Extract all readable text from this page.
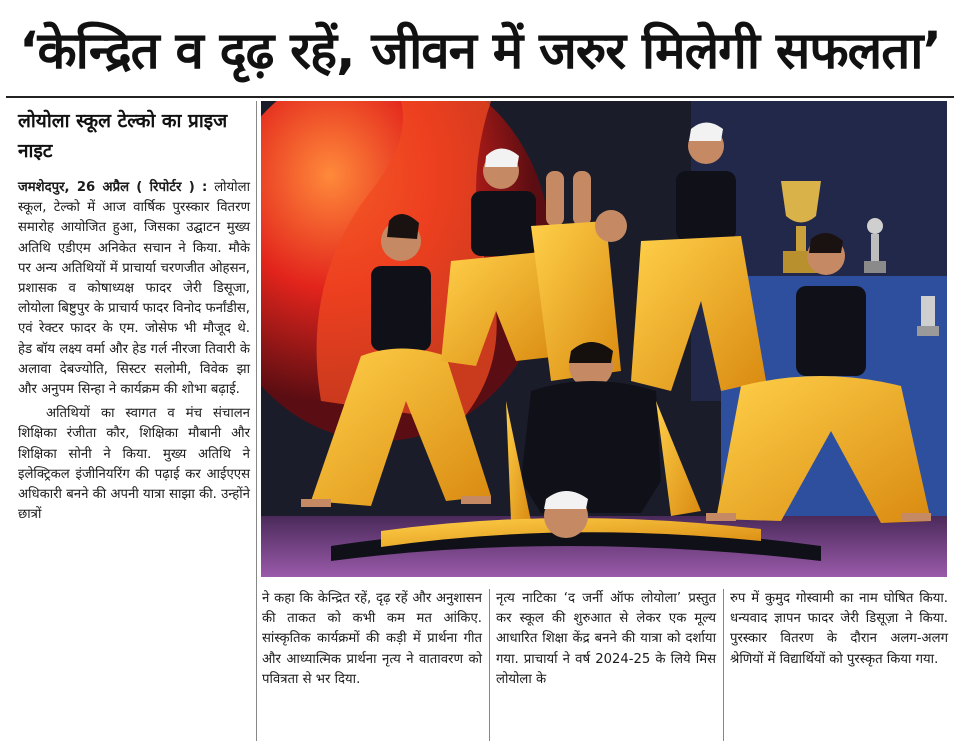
‘केन्द्रित व दृढ़ रहें, जीवन में जरुर मिलेगी सफलता’
लोयोला स्कूल टेल्को का प्राइज नाइट

जमशेदपुर, 26 अप्रैल ( रिपोर्टर ) : लोयोला स्कूल, टेल्को में आज वार्षिक पुरस्कार वितरण समारोह आयोजित हुआ, जिसका उद्घाटन मुख्य अतिथि एडीएम अनिकेत सचान ने किया. मौके पर अन्य अतिथियों में प्राचार्या चरणजीत ओहसन, प्रशासक व कोषाध्यक्ष फादर जेरी डिसूजा, लोयोला बिष्टुपुर के प्राचार्य फादर विनोद फर्नांडीस, एवं रेक्टर फादर के एम. जोसेफ भी मौजूद थे. हेड बॉय लक्ष्य वर्मा और हेड गर्ल नीरजा तिवारी के अलावा देबज्योति, सिस्टर सलोमी, विवेक झा और अनुपम सिन्हा ने कार्यक्रम की शोभा बढ़ाई.

अतिथियों का स्वागत व मंच संचालन शिक्षिका रंजीता कौर, शिक्षिका मौबानी और शिक्षिका सोनी ने किया. मुख्य अतिथि ने इलेक्ट्रिकल इंजीनियरिंग की पढ़ाई कर आईएएस अधिकारी बनने की अपनी यात्रा साझा की. उन्होंने छात्रों

ने कहा कि केन्द्रित रहें, दृढ़ रहें और अनुशासन की ताकत को कभी कम मत आंकिए. सांस्कृतिक कार्यक्रमों की कड़ी में प्रार्थना गीत और आध्यात्मिक प्रार्थना नृत्य ने वातावरण को पवित्रता से भर दिया.

नृत्य नाटिका ‘द जर्नी ऑफ लोयोला’ प्रस्तुत कर स्कूल की शुरुआत से लेकर एक मूल्य आधारित शिक्षा केंद्र बनने की यात्रा को दर्शाया गया. प्राचार्या ने वर्ष 2024-25 के लिये मिस लोयोला के

रुप में कुमुद गोस्वामी का नाम घोषित किया. धन्यवाद ज्ञापन फादर जेरी डिसूज़ा ने किया. पुरस्कार वितरण के दौरान अलग-अलग श्रेणियों में विद्यार्थियों को पुरस्कृत किया गया.
